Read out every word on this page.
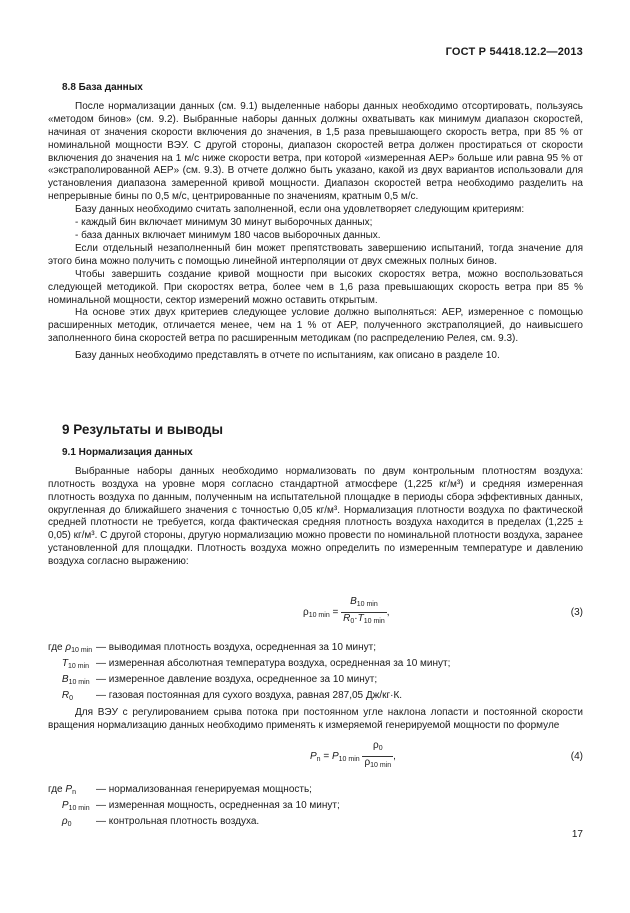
ГОСТ Р 54418.12.2—2013
8.8 База данных

После нормализации данных (см. 9.1) выделенные наборы данных необходимо отсортировать, пользуясь «методом бинов» (см. 9.2). Выбранные наборы данных должны охватывать как минимум диапазон скоростей, начиная от значения скорости включения до значения, в 1,5 раза превышающего скорость ветра, при 85 % от номинальной мощности ВЭУ. С другой стороны, диапазон скоростей ветра должен простираться от скорости включения до значения на 1 м/с ниже скорости ветра, при которой «измеренная AEP» больше или равна 95 % от «экстраполированной AEP» (см. 9.3). В отчете должно быть указано, какой из двух вариантов использовали для установления диапазона замеренной кривой мощности. Диапазон скоростей ветра необходимо разделить на непрерывные бины по 0,5 м/с, центрированные по значениям, кратным 0,5 м/с.

Базу данных необходимо считать заполненной, если она удовлетворяет следующим критериям:

- каждый бин включает минимум 30 минут выборочных данных;

- база данных включает минимум 180 часов выборочных данных.

Если отдельный незаполненный бин может препятствовать завершению испытаний, тогда значение для этого бина можно получить с помощью линейной интерполяции от двух смежных полных бинов.

Чтобы завершить создание кривой мощности при высоких скоростях ветра, можно воспользоваться следующей методикой. При скоростях ветра, более чем в 1,6 раза превышающих скорость ветра при 85 % номинальной мощности, сектор измерений можно оставить открытым.

На основе этих двух критериев следующее условие должно выполняться: AEP, измеренное с помощью расширенных методик, отличается менее, чем на 1 % от AEP, полученного экстраполяцией, до наивысшего заполненного бина скоростей ветра по расширенным методикам (по распределению Релея, см. 9.3).

Базу данных необходимо представлять в отчете по испытаниям, как описано в разделе 10.

9 Результаты и выводы
9.1 Нормализация данных

Выбранные наборы данных необходимо нормализовать по двум контрольным плотностям воздуха: плотность воздуха на уровне моря согласно стандартной атмосфере (1,225 кг/м³) и средняя измеренная плотность воздуха по данным, полученным на испытательной площадке в периоды сбора эффективных данных, округленная до ближайшего значения с точностью 0,05 кг/м³. Нормализация плотности воздуха по фактической средней плотности не требуется, когда фактическая средняя плотность воздуха находится в пределах (1,225 ± 0,05) кг/м³. С другой стороны, другую нормализацию можно провести по номинальной плотности воздуха, заранее установленной для площадки. Плотность воздуха можно определить по измеренным температуре и давлению воздуха согласно выражению:

$\rho_{10 min} = \frac{B_{10 min}}{R_0\cdot T_{10 min}}$ ,	(3)
где $\rho_{10 min}$ — выводимая плотность воздуха, осредненная за 10 минут;
$T_{10 min}$ — измеренная абсолютная температура воздуха, осредненная за 10 минут;
$B_{10 min}$ — измеренное давление воздуха, осредненное за 10 минут;
$R_0$	— газовая постоянная для сухого воздуха, равная 287,05 Дж/кг·К.

Для ВЭУ с регулированием срыва потока при постоянном угле наклона лопасти и постоянной скорости вращения нормализацию данных необходимо применять к измеряемой генерируемой мощности по формуле

$P_n = P_{10 min} \frac{\rho_0}{\rho_{10 min}}$ ,	(4)
где $P_n$	— нормализованная генерируемая мощность;
$P_{10 min}$ — измеренная мощность, осредненная за 10 минут;
$\rho_0$	— контрольная плотность воздуха.
17
